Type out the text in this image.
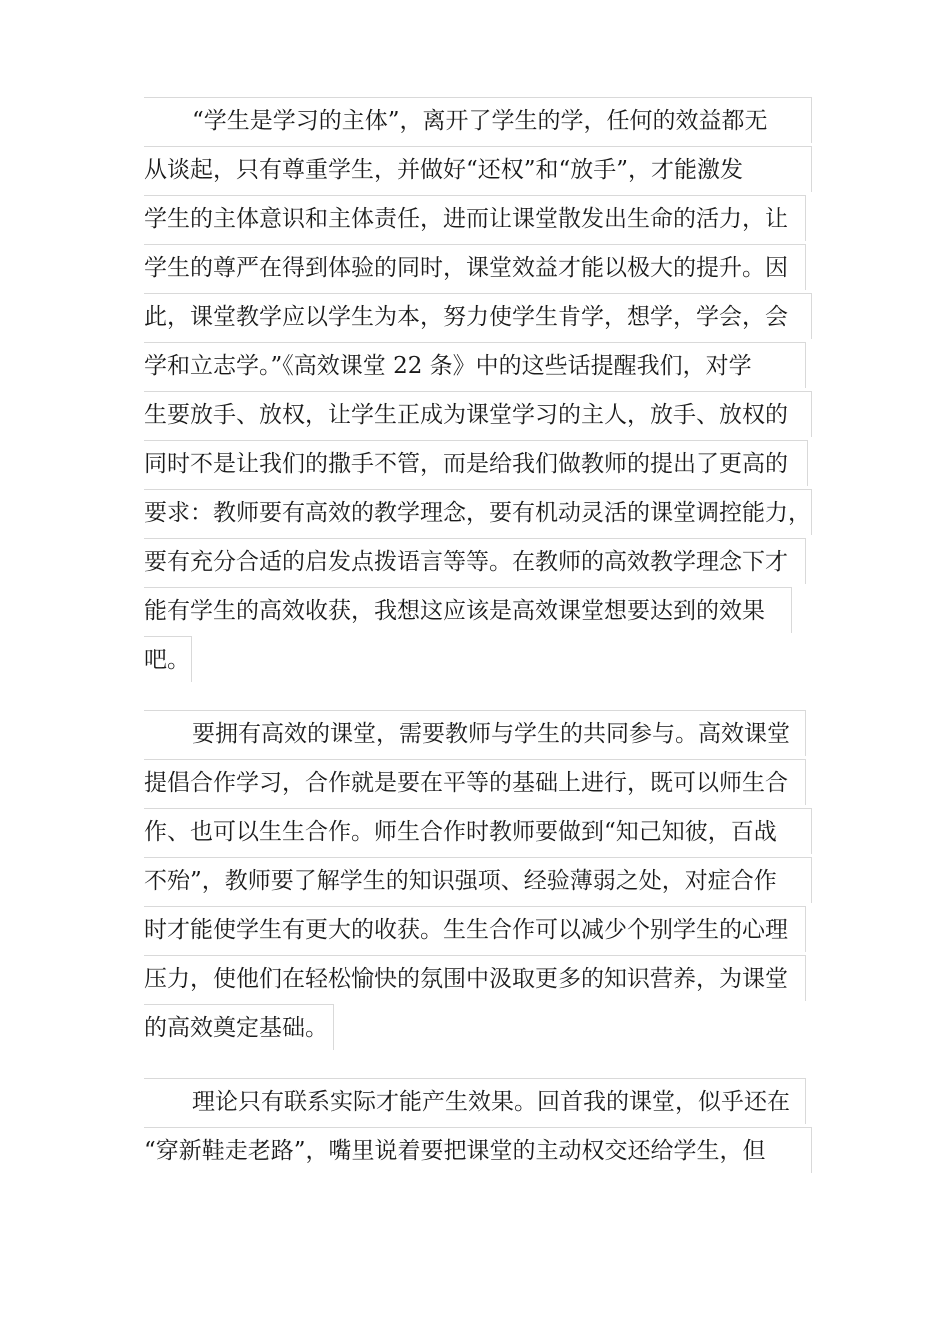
“学生是学习的主体”，离开了学生的学，任何的效益都无
从谈起，只有尊重学生，并做好“还权”和“放手”，才能激发
学生的主体意识和主体责任，进而让课堂散发出生命的活力，让
学生的尊严在得到体验的同时，课堂效益才能以极大的提升。因
此，课堂教学应以学生为本，努力使学生肯学，想学，学会，会
学和立志学。”《高效课堂 22 条》中的这些话提醒我们，对学
生要放手、放权，让学生正成为课堂学习的主人，放手、放权的
同时不是让我们的撒手不管，而是给我们做教师的提出了更高的
要求：教师要有高效的教学理念，要有机动灵活的课堂调控能力，
要有充分合适的启发点拨语言等等。在教师的高效教学理念下才
能有学生的高效收获，我想这应该是高效课堂想要达到的效果
吧。
要拥有高效的课堂，需要教师与学生的共同参与。高效课堂
提倡合作学习，合作就是要在平等的基础上进行，既可以师生合
作、也可以生生合作。师生合作时教师要做到“知己知彼，百战
不殆”，教师要了解学生的知识强项、经验薄弱之处，对症合作
时才能使学生有更大的收获。生生合作可以减少个别学生的心理
压力，使他们在轻松愉快的氛围中汲取更多的知识营养，为课堂
的高效奠定基础。
理论只有联系实际才能产生效果。回首我的课堂，似乎还在
“穿新鞋走老路”，嘴里说着要把课堂的主动权交还给学生，但
